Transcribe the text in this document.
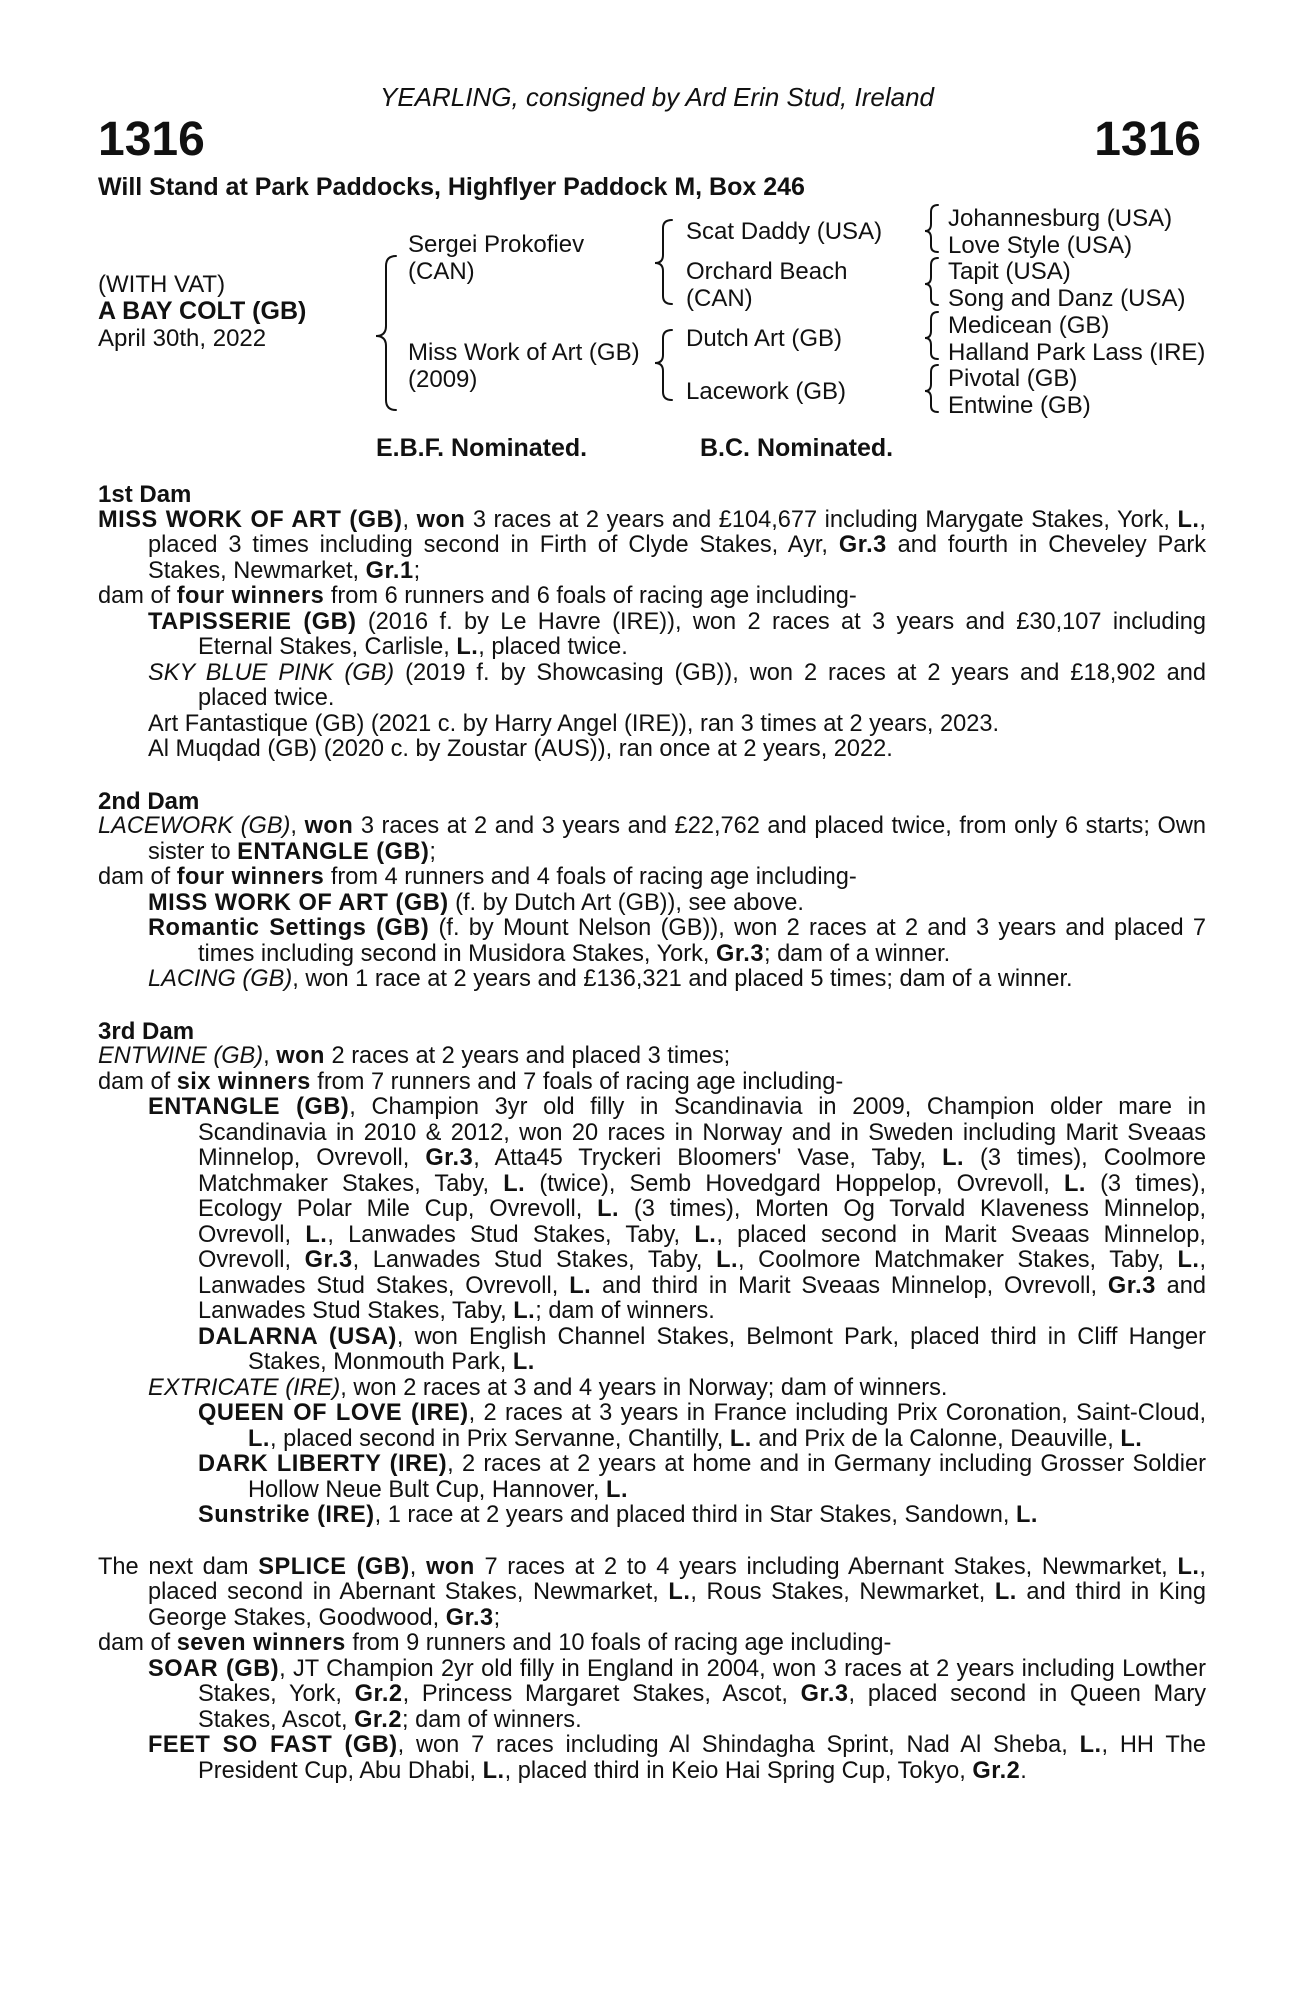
YEARLING, consigned by Ard Erin Stud, Ireland
1316	1316
Will Stand at Park Paddocks, Highflyer Paddock M, Box 246
(WITH VAT)
A BAY COLT (GB)
April 30th, 2022
Sergei Prokofiev
(CAN)
Miss Work of Art (GB)
(2009)
Scat Daddy (USA)
Orchard Beach
(CAN)
Dutch Art (GB)
Lacework (GB)
Johannesburg (USA)
Love Style (USA)
Tapit (USA)
Song and Danz (USA)
Medicean (GB)
Halland Park Lass (IRE)
Pivotal (GB)
Entwine (GB)
E.B.F. Nominated.	B.C. Nominated.

1st Dam

MISS WORK OF ART (GB), won 3 races at 2 years and £104,677 including Marygate Stakes, York, L., placed 3 times including second in Firth of Clyde Stakes, Ayr, Gr.3 and fourth in Cheveley Park Stakes, Newmarket, Gr.1;

dam of four winners from 6 runners and 6 foals of racing age including-

TAPISSERIE (GB) (2016 f. by Le Havre (IRE)), won 2 races at 3 years and £30,107 including Eternal Stakes, Carlisle, L., placed twice.

SKY BLUE PINK (GB) (2019 f. by Showcasing (GB)), won 2 races at 2 years and £18,902 and placed twice.

Art Fantastique (GB) (2021 c. by Harry Angel (IRE)), ran 3 times at 2 years, 2023.

Al Muqdad (GB) (2020 c. by Zoustar (AUS)), ran once at 2 years, 2022.

2nd Dam

LACEWORK (GB), won 3 races at 2 and 3 years and £22,762 and placed twice, from only 6 starts; Own sister to ENTANGLE (GB);

dam of four winners from 4 runners and 4 foals of racing age including-

MISS WORK OF ART (GB) (f. by Dutch Art (GB)), see above.

Romantic Settings (GB) (f. by Mount Nelson (GB)), won 2 races at 2 and 3 years and placed 7 times including second in Musidora Stakes, York, Gr.3; dam of a winner.

LACING (GB), won 1 race at 2 years and £136,321 and placed 5 times; dam of a winner.

3rd Dam

ENTWINE (GB), won 2 races at 2 years and placed 3 times;

dam of six winners from 7 runners and 7 foals of racing age including-

ENTANGLE (GB), Champion 3yr old filly in Scandinavia in 2009, Champion older mare in Scandinavia in 2010 & 2012, won 20 races in Norway and in Sweden including Marit Sveaas Minnelop, Ovrevoll, Gr.3, Atta45 Tryckeri Bloomers' Vase, Taby, L. (3 times), Coolmore Matchmaker Stakes, Taby, L. (twice), Semb Hovedgard Hoppelop, Ovrevoll, L. (3 times), Ecology Polar Mile Cup, Ovrevoll, L. (3 times), Morten Og Torvald Klaveness Minnelop, Ovrevoll, L., Lanwades Stud Stakes, Taby, L., placed second in Marit Sveaas Minnelop, Ovrevoll, Gr.3, Lanwades Stud Stakes, Taby, L., Coolmore Matchmaker Stakes, Taby, L., Lanwades Stud Stakes, Ovrevoll, L. and third in Marit Sveaas Minnelop, Ovrevoll, Gr.3 and Lanwades Stud Stakes, Taby, L.; dam of winners.

DALARNA (USA), won English Channel Stakes, Belmont Park, placed third in Cliff Hanger Stakes, Monmouth Park, L.

EXTRICATE (IRE), won 2 races at 3 and 4 years in Norway; dam of winners.

QUEEN OF LOVE (IRE), 2 races at 3 years in France including Prix Coronation, Saint-Cloud, L., placed second in Prix Servanne, Chantilly, L. and Prix de la Calonne, Deauville, L.

DARK LIBERTY (IRE), 2 races at 2 years at home and in Germany including Grosser Soldier Hollow Neue Bult Cup, Hannover, L.

Sunstrike (IRE), 1 race at 2 years and placed third in Star Stakes, Sandown, L.

The next dam SPLICE (GB), won 7 races at 2 to 4 years including Abernant Stakes, Newmarket, L., placed second in Abernant Stakes, Newmarket, L., Rous Stakes, Newmarket, L. and third in King George Stakes, Goodwood, Gr.3;

dam of seven winners from 9 runners and 10 foals of racing age including-

SOAR (GB), JT Champion 2yr old filly in England in 2004, won 3 races at 2 years including Lowther Stakes, York, Gr.2, Princess Margaret Stakes, Ascot, Gr.3, placed second in Queen Mary Stakes, Ascot, Gr.2; dam of winners.

FEET SO FAST (GB), won 7 races including Al Shindagha Sprint, Nad Al Sheba, L., HH The President Cup, Abu Dhabi, L., placed third in Keio Hai Spring Cup, Tokyo, Gr.2.
